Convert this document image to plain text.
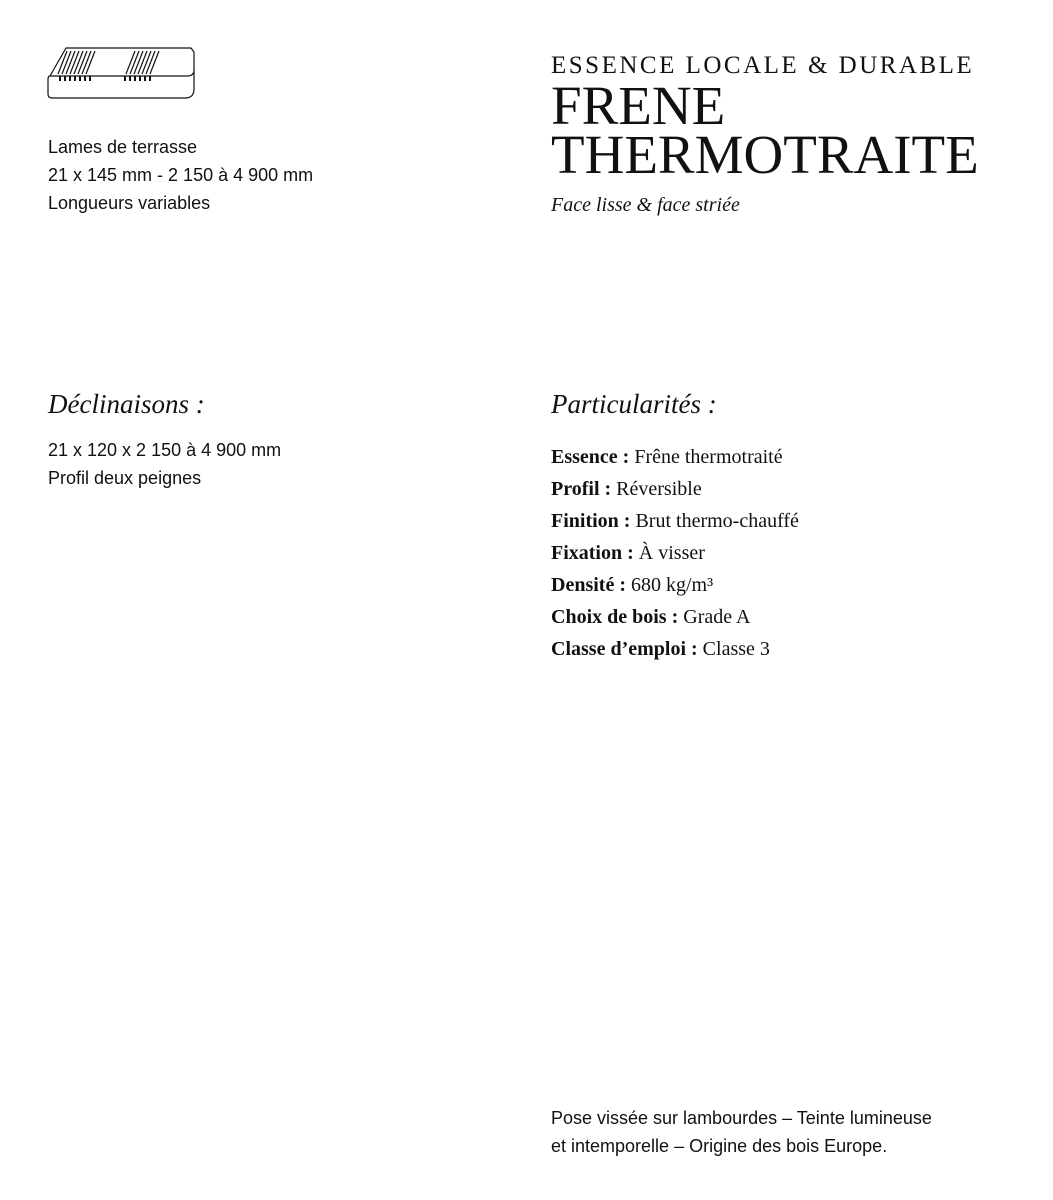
Lames de terrasse
21 x 145 mm - 2 150 à 4 900 mm
Longueurs variables
ESSENCE LOCALE & DURABLE
FRENE
THERMOTRAITE
Face lisse & face striée
Déclinaisons :
21 x 120 x 2 150 à 4 900 mm
Profil deux peignes
Particularités :
Essence : Frêne thermotraité
Profil : Réversible
Finition : Brut thermo-chauffé
Fixation : À visser
Densité : 680 kg/m³
Choix de bois : Grade A
Classe d’emploi : Classe 3
Pose vissée sur lambourdes – Teinte lumineuse
et intemporelle – Origine des bois Europe.
